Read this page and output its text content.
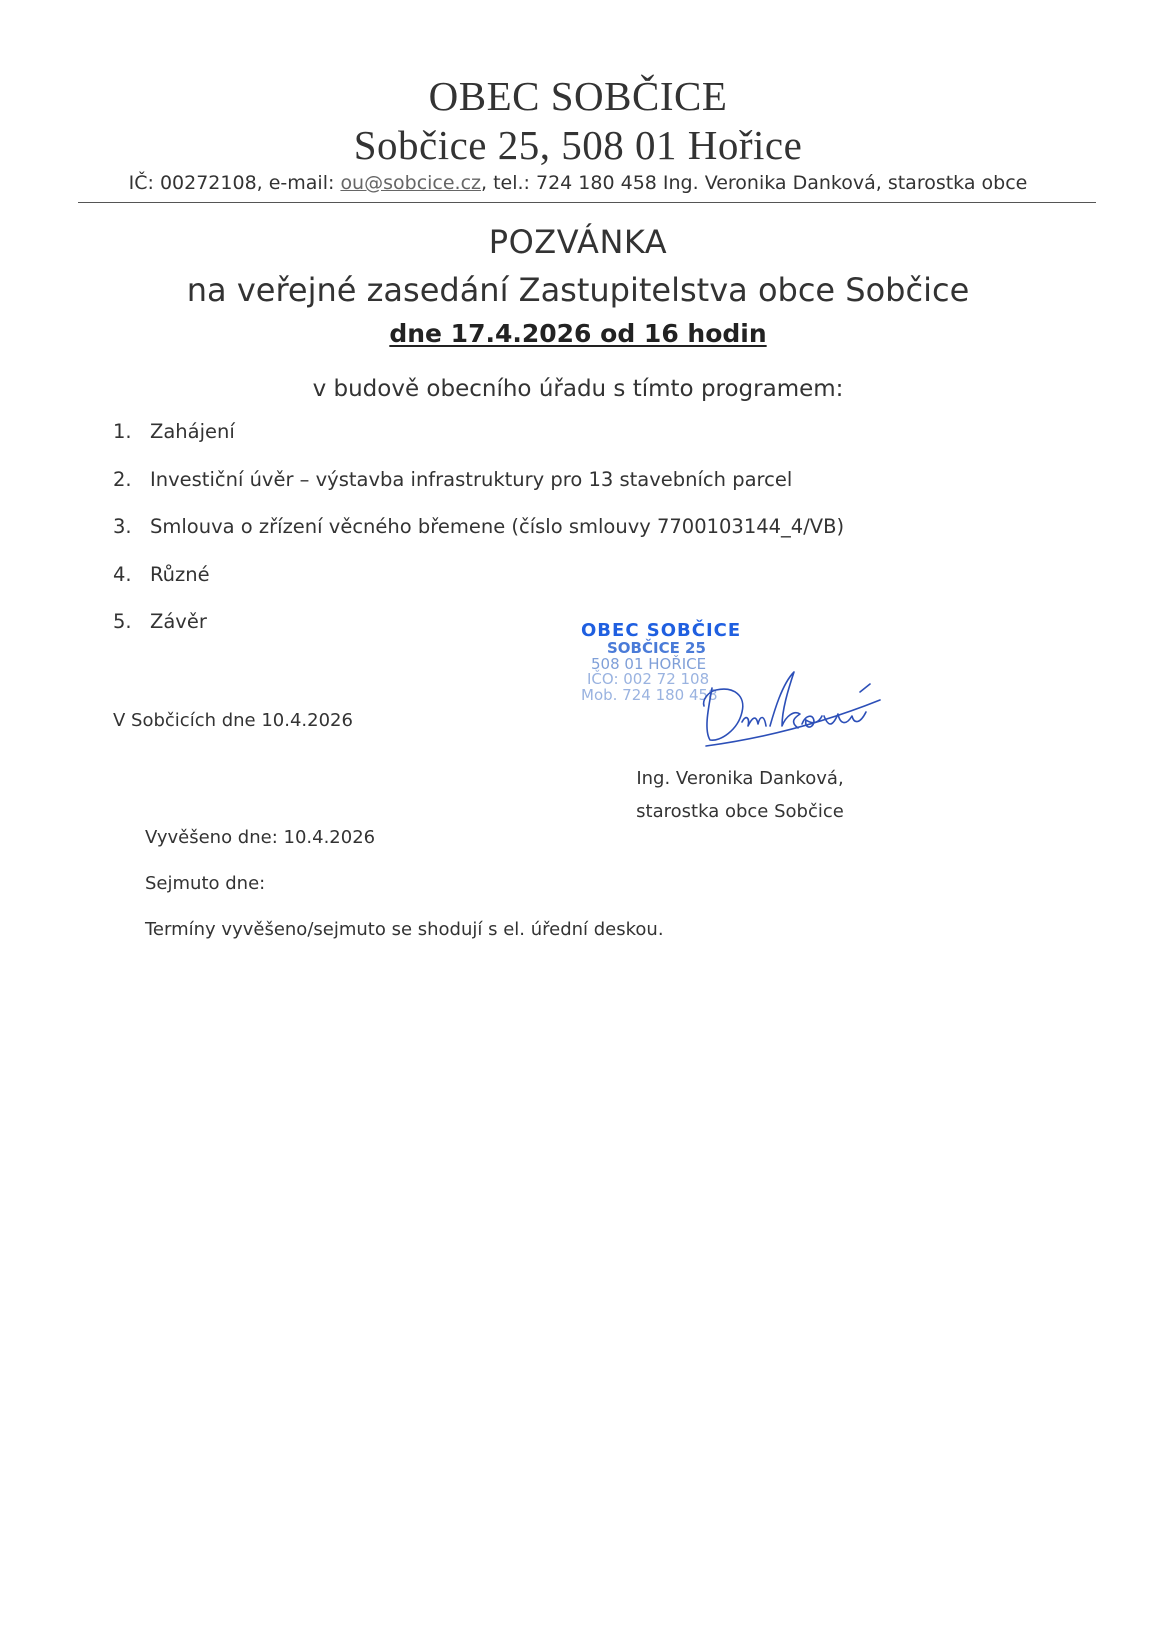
OBEC SOBČICE
Sobčice 25, 508 01 Hořice
IČ: 00272108, e-mail: ou@sobcice.cz, tel.: 724 180 458 Ing. Veronika Danková, starostka obce
POZVÁNKA
na veřejné zasedání Zastupitelstva obce Sobčice
dne 17.4.2026 od 16 hodin
v budově obecního úřadu s tímto programem:
1. Zahájení
2. Investiční úvěr – výstavba infrastruktury pro 13 stavebních parcel
3. Smlouva o zřízení věcného břemene (číslo smlouvy 7700103144_4/VB)
4. Různé
5. Závěr
V Sobčicích dne 10.4.2026
OBEC SOBČICE
SOBČICE 25
508 01 HOŘICE
IČO: 002 72 108
Mob. 724 180 458
Ing. Veronika Danková,
starostka obce Sobčice
Vyvěšeno dne: 10.4.2026
Sejmuto dne:
Termíny vyvěšeno/sejmuto se shodují s el. úřední deskou.
